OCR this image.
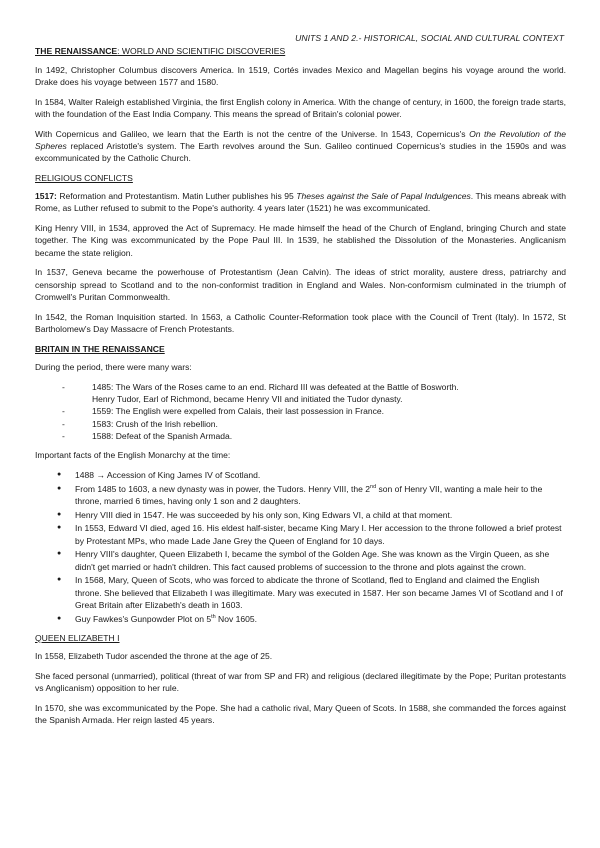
UNITS 1 AND 2.- HISTORICAL, SOCIAL AND CULTURAL CONTEXT
THE RENAISSANCE: WORLD AND SCIENTIFIC DISCOVERIES

In 1492, Christopher Columbus discovers America. In 1519, Cortés invades Mexico and Magellan begins his voyage around the world. Drake does his voyage between 1577 and 1580.

In 1584, Walter Raleigh established Virginia, the first English colony in America. With the change of century, in 1600, the foreign trade starts, with the foundation of the East India Company. This means the spread of Britain's colonial power.

With Copernicus and Galileo, we learn that the Earth is not the centre of the Universe. In 1543, Copernicus's On the Revolution of the Spheres replaced Aristotle's system. The Earth revolves around the Sun. Galileo continued Copernicus's studies in the 1590s and was excommunicated by the Catholic Church.

RELIGIOUS CONFLICTS

1517: Reformation and Protestantism. Matin Luther publishes his 95 Theses against the Sale of Papal Indulgences. This means abreak with Rome, as Luther refused to submit to the Pope's authority. 4 years later (1521) he was excommunicated.

King Henry VIII, in 1534, approved the Act of Supremacy. He made himself the head of the Church of England, bringing Church and state together. The King was excommunicated by the Pope Paul III. In 1539, he stablished the Dissolution of the Monasteries. Anglicanism became the state religion.

In 1537, Geneva became the powerhouse of Protestantism (Jean Calvin). The ideas of strict morality, austere dress, patriarchy and censorship spread to Scotland and to the non-conformist tradition in England and Wales. Non-conformism culminated in the triumph of Cromwell's Puritan Commonwealth.

In 1542, the Roman Inquisition started. In 1563, a Catholic Counter-Reformation took place with the Council of Trent (Italy). In 1572, St Bartholomew's Day Massacre of French Protestants.

BRITAIN IN THE RENAISSANCE

During the period, there were many wars:

-	1485: The Wars of the Roses came to an end. Richard III was defeated at the Battle of Bosworth.
Henry Tudor, Earl of Richmond, became Henry VII and initiated the Tudor dynasty.
-	1559: The English were expelled from Calais, their last possession in France.
-	1583: Crush of the Irish rebellion.
-	1588: Defeat of the Spanish Armada.

Important facts of the English Monarchy at the time:

● 1488 → Accession of King James IV of Scotland.
● From 1485 to 1603, a new dynasty was in power, the Tudors. Henry VIII, the 2nd son of Henry VII, wanting a male heir to the throne, married 6 times, having only 1 son and 2 daughters.
● Henry VIII died in 1547. He was succeeded by his only son, King Edwars VI, a child at that moment.
● In 1553, Edward VI died, aged 16. His eldest half-sister, became King Mary I. Her accession to the throne followed a brief protest by Protestant MPs, who made Lade Jane Grey the Queen of England for 10 days.
● Henry VIII's daughter, Queen Elizabeth I, became the symbol of the Golden Age. She was known as the Virgin Queen, as she didn't get married or hadn't children. This fact caused problems of succession to the throne and plots against the crown.
● In 1568, Mary, Queen of Scots, who was forced to abdicate the throne of Scotland, fled to England and claimed the English throne. She believed that Elizabeth I was illegitimate. Mary was executed in 1587. Her son became James VI of Scotland and I of Great Britain after Elizabeth's death in 1603.
● Guy Fawkes's Gunpowder Plot on 5th Nov 1605.
QUEEN ELIZABETH I

In 1558, Elizabeth Tudor ascended the throne at the age of 25.

She faced personal (unmarried), political (threat of war from SP and FR) and religious (declared illegitimate by the Pope; Puritan protestants vs Anglicanism) opposition to her rule.

In 1570, she was excommunicated by the Pope. She had a catholic rival, Mary Queen of Scots. In 1588, she commanded the forces against the Spanish Armada. Her reign lasted 45 years.
